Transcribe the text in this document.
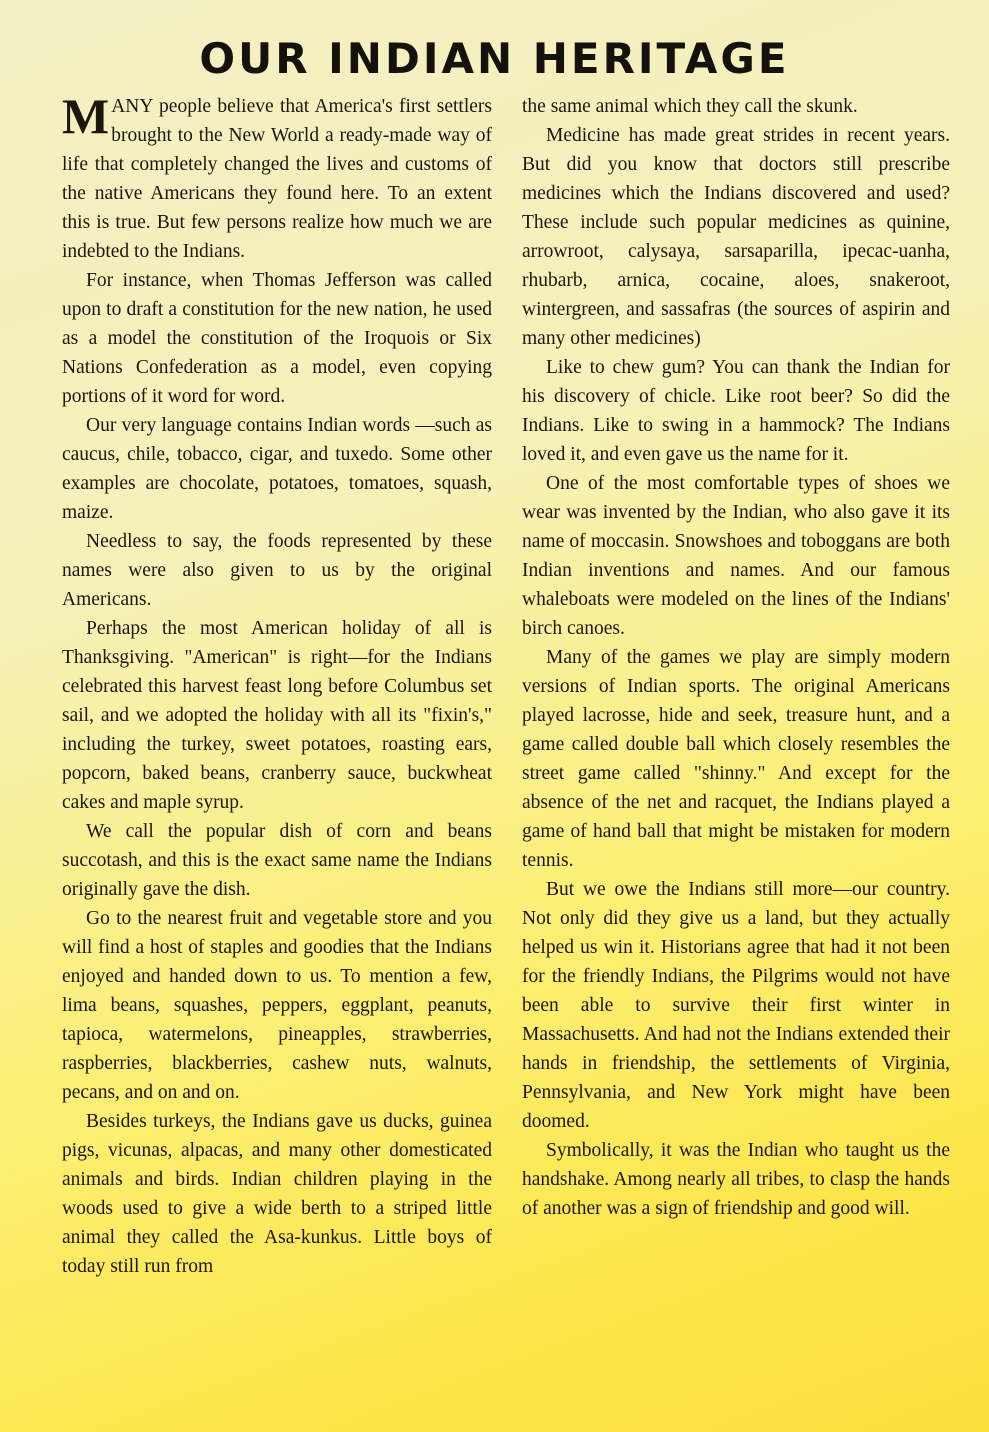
OUR INDIAN HERITAGE

MANY people believe that America's first settlers brought to the New World a ready-made way of life that completely changed the lives and customs of the native Americans they found here. To an extent this is true. But few persons realize how much we are indebted to the Indians.

For instance, when Thomas Jefferson was called upon to draft a constitution for the new nation, he used as a model the constitution of the Iroquois or Six Nations Confederation as a model, even copying portions of it word for word.

Our very language contains Indian words —such as caucus, chile, tobacco, cigar, and tuxedo. Some other examples are chocolate, potatoes, tomatoes, squash, maize.

Needless to say, the foods represented by these names were also given to us by the original Americans.

Perhaps the most American holiday of all is Thanksgiving. "American" is right—for the Indians celebrated this harvest feast long before Columbus set sail, and we adopted the holiday with all its "fixin's," including the turkey, sweet potatoes, roasting ears, popcorn, baked beans, cranberry sauce, buckwheat cakes and maple syrup.

We call the popular dish of corn and beans succotash, and this is the exact same name the Indians originally gave the dish.

Go to the nearest fruit and vegetable store and you will find a host of staples and goodies that the Indians enjoyed and handed down to us. To mention a few, lima beans, squashes, peppers, eggplant, peanuts, tapioca, watermelons, pineapples, strawberries, raspberries, blackberries, cashew nuts, walnuts, pecans, and on and on.

Besides turkeys, the Indians gave us ducks, guinea pigs, vicunas, alpacas, and many other domesticated animals and birds. Indian children playing in the woods used to give a wide berth to a striped little animal they called the Asa-kunkus. Little boys of today still run from

the same animal which they call the skunk.

Medicine has made great strides in recent years. But did you know that doctors still prescribe medicines which the Indians discovered and used? These include such popular medicines as quinine, arrowroot, calysaya, sarsaparilla, ipecac-uanha, rhubarb, arnica, cocaine, aloes, snakeroot, wintergreen, and sassafras (the sources of aspirin and many other medicines)

Like to chew gum? You can thank the Indian for his discovery of chicle. Like root beer? So did the Indians. Like to swing in a hammock? The Indians loved it, and even gave us the name for it.

One of the most comfortable types of shoes we wear was invented by the Indian, who also gave it its name of moccasin. Snowshoes and toboggans are both Indian inventions and names. And our famous whaleboats were modeled on the lines of the Indians' birch canoes.

Many of the games we play are simply modern versions of Indian sports. The original Americans played lacrosse, hide and seek, treasure hunt, and a game called double ball which closely resembles the street game called "shinny." And except for the absence of the net and racquet, the Indians played a game of hand ball that might be mistaken for modern tennis.

But we owe the Indians still more—our country. Not only did they give us a land, but they actually helped us win it. Historians agree that had it not been for the friendly Indians, the Pilgrims would not have been able to survive their first winter in Massachusetts. And had not the Indians extended their hands in friendship, the settlements of Virginia, Pennsylvania, and New York might have been doomed.

Symbolically, it was the Indian who taught us the handshake. Among nearly all tribes, to clasp the hands of another was a sign of friendship and good will.
